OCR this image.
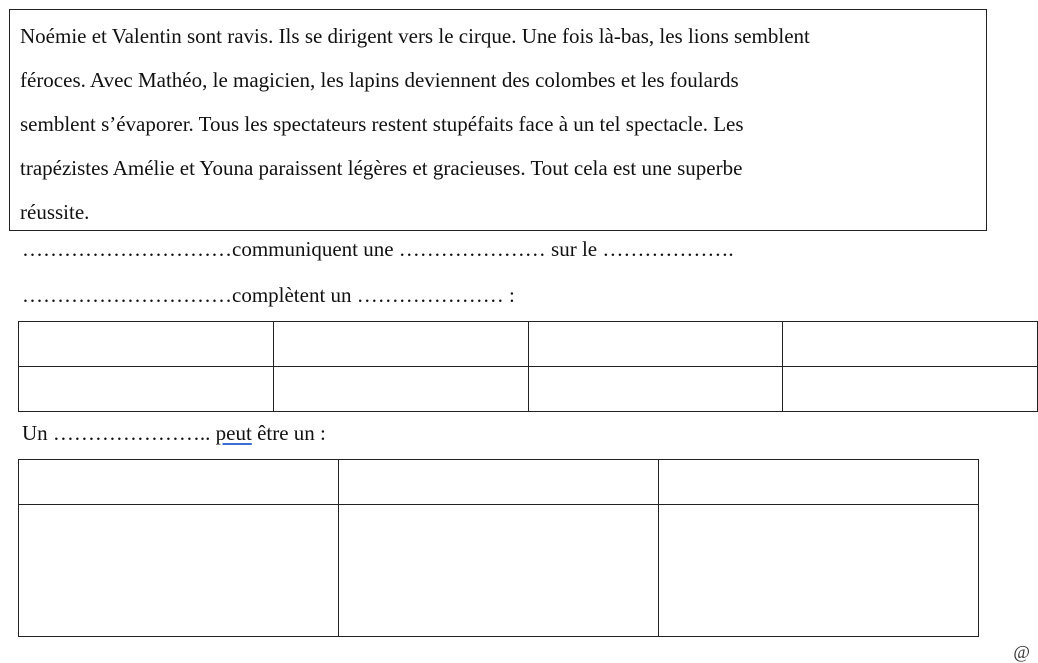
Noémie et Valentin sont ravis. Ils se dirigent vers le cirque. Une fois là-bas, les lions semblent
féroces. Avec Mathéo, le magicien, les lapins deviennent des colombes et les foulards
semblent s’évaporer. Tous les spectateurs restent stupéfaits face à un tel spectacle. Les
trapézistes Amélie et Youna paraissent légères et gracieuses. Tout cela est une superbe
réussite.
…………………………communiquent une ………………… sur le ……………….
…………………………complètent un ………………… :

Un ………………….. peut être un :

@
